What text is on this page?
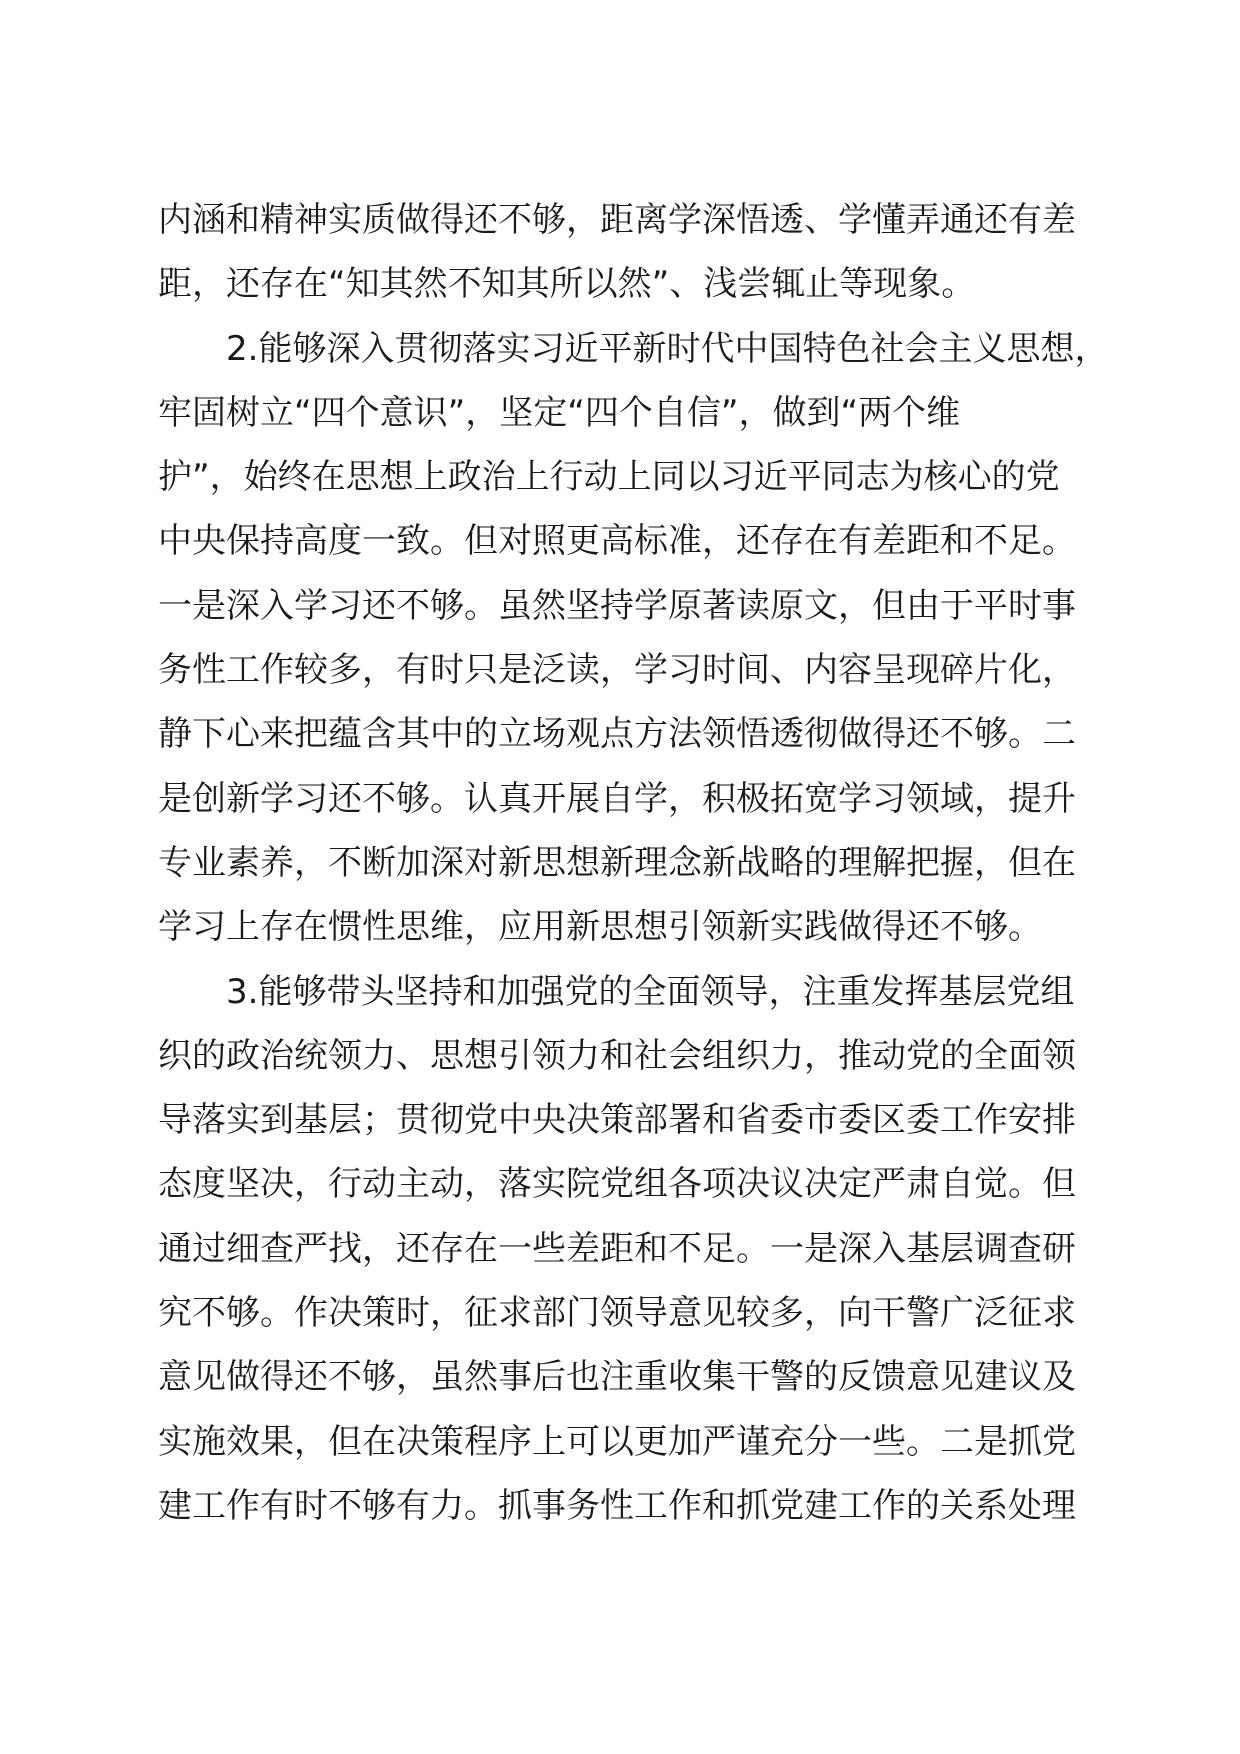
内涵和精神实质做得还不够，距离学深悟透、学懂弄通还有差

距，还存在“知其然不知其所以然”、浅尝辄止等现象。

2.能够深入贯彻落实习近平新时代中国特色社会主义思想，

牢固树立“四个意识”，坚定“四个自信”，做到“两个维

护”，始终在思想上政治上行动上同以习近平同志为核心的党

中央保持高度一致。但对照更高标准，还存在有差距和不足。

一是深入学习还不够。虽然坚持学原著读原文，但由于平时事

务性工作较多，有时只是泛读，学习时间、内容呈现碎片化，

静下心来把蕴含其中的立场观点方法领悟透彻做得还不够。二

是创新学习还不够。认真开展自学，积极拓宽学习领域，提升

专业素养，不断加深对新思想新理念新战略的理解把握，但在

学习上存在惯性思维，应用新思想引领新实践做得还不够。

3.能够带头坚持和加强党的全面领导，注重发挥基层党组

织的政治统领力、思想引领力和社会组织力，推动党的全面领

导落实到基层；贯彻党中央决策部署和省委市委区委工作安排

态度坚决，行动主动，落实院党组各项决议决定严肃自觉。但

通过细查严找，还存在一些差距和不足。一是深入基层调查研

究不够。作决策时，征求部门领导意见较多，向干警广泛征求

意见做得还不够，虽然事后也注重收集干警的反馈意见建议及

实施效果，但在决策程序上可以更加严谨充分一些。二是抓党

建工作有时不够有力。抓事务性工作和抓党建工作的关系处理
